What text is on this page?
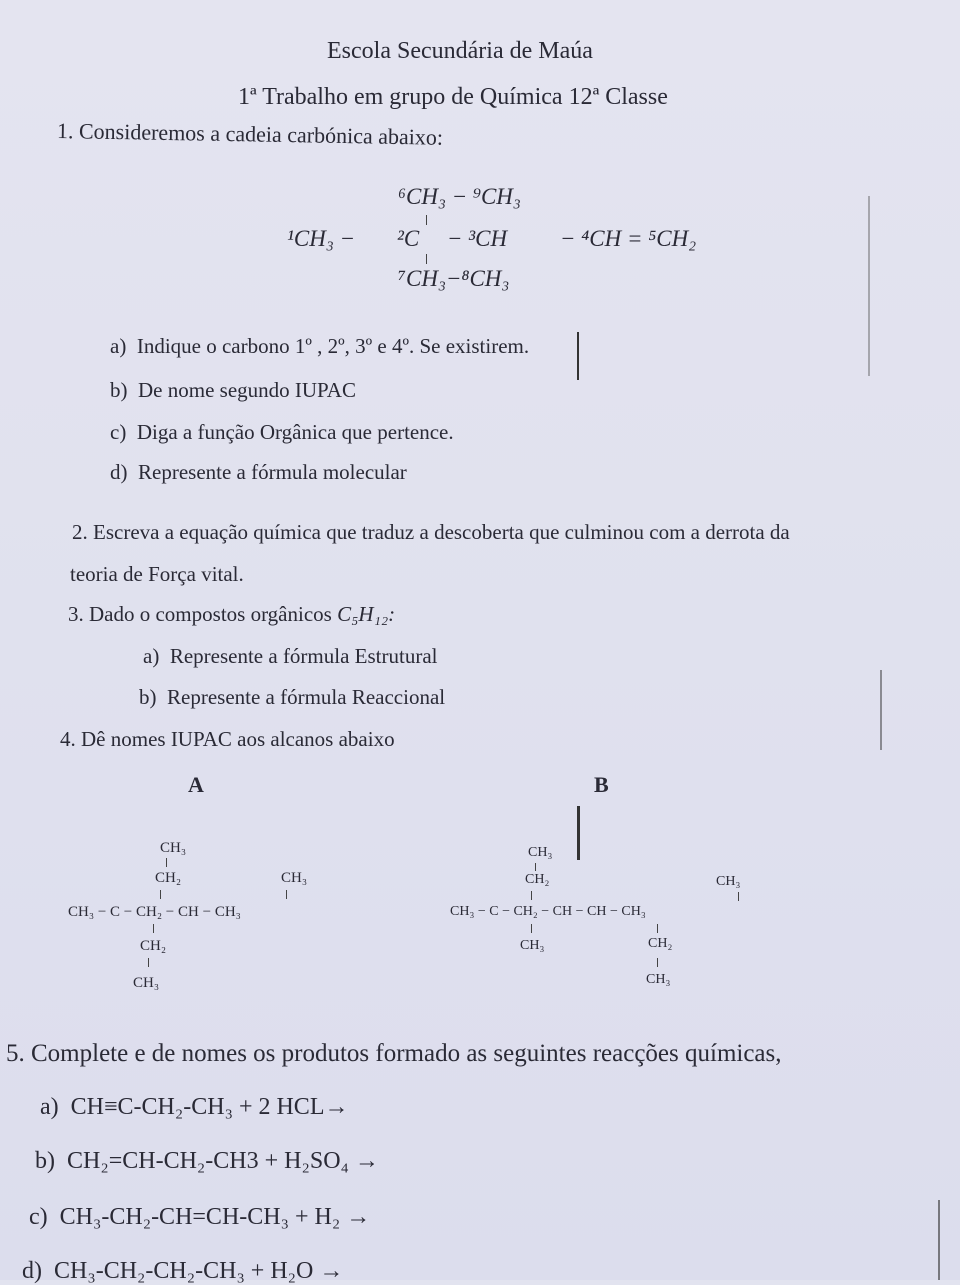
Escola Secundária de Maúa
1ª Trabalho em grupo de Química 12ª Classe
1. Consideremos a cadeia carbónica abaixo:
⁶CH₃ − ⁹CH₃
¹CH₃ − ²C − ³CH − ⁴CH = ⁵CH₂
⁷CH₃−⁸CH₃
a) Indique o carbono 1º , 2º, 3º e 4º. Se existirem.
b) De nome segundo IUPAC
c) Diga a função Orgânica que pertence.
d) Represente a fórmula molecular
2. Escreva a equação química que traduz a descoberta que culminou com a derrota da
teoria de Força vital.
3. Dado o compostos orgânicos C₅H₁₂:
a) Represente a fórmula Estrutural
b) Represente a fórmula Reaccional
4. Dê nomes IUPAC aos alcanos abaixo
A	B
CH₃
CH₂	CH₃
CH₃ − C − CH₂ − CH − CH₃
CH₂
CH₃
CH₃
CH₂	CH₃
CH₃ − C − CH₂ − CH − CH − CH₃
CH₃	CH₂
CH₃
5. Complete e de nomes os produtos formado as seguintes reacções químicas,
a) CH≡C-CH₂-CH₃ + 2 HCL→
b) CH₂=CH-CH₂-CH3 + H₂SO₄ →
c) CH₃-CH₂-CH=CH-CH₃ + H₂ →
d) CH₃-CH₂-CH₂-CH₃ + H₂O →
